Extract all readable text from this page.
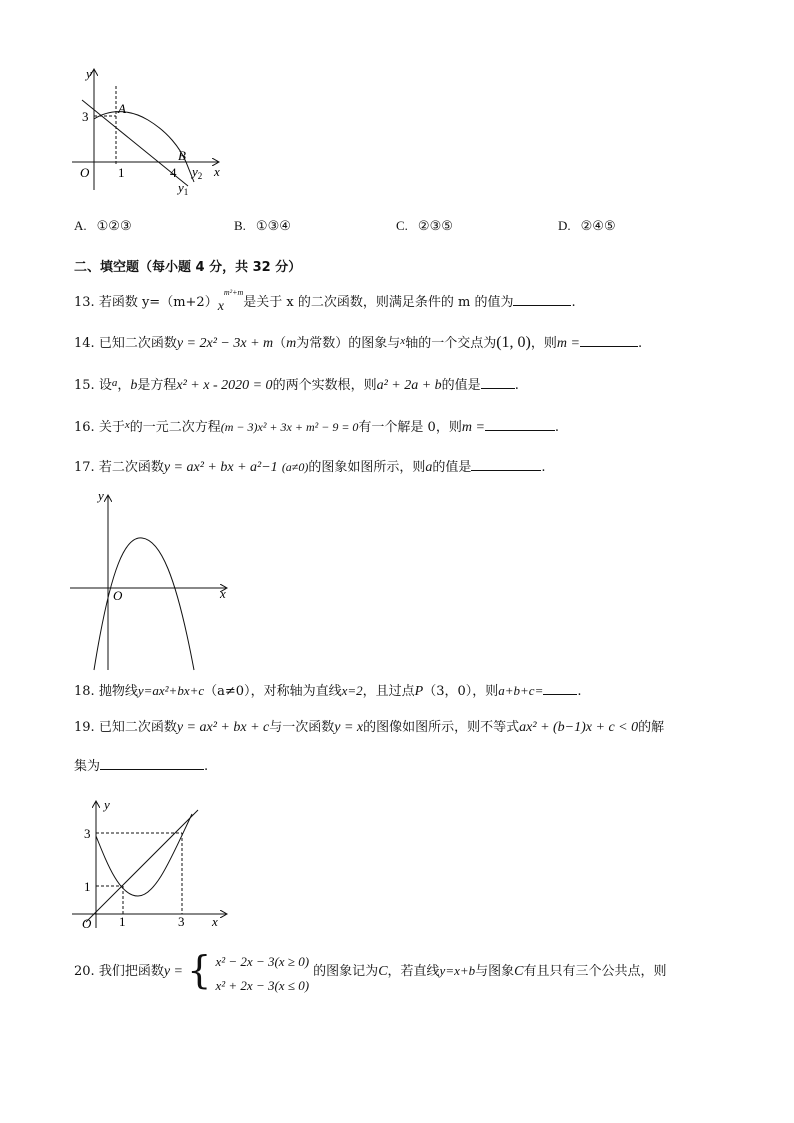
y
x
O
3
1	4
A
B
$y_2$
$y_1$
A. ①②③	B. ①③④	C. ②③⑤	D. ②④⑤
二、填空题（每小题 4 分，共 32 分）
13. 若函数 $y=(m+2)x^{m^2+m}$是关于 x 的二次函数，则满足条件的 m 的值为	.
14. 已知二次函数y = 2x² − 3x + m（m为常数）的图象与$^x$轴的一个交点为(1, 0)，则m =	.
15. 设$^a$，b是方程x² + x - 2020 = 0的两个实数根，则a² + 2a + b的值是	.
16. 关于$^x$的一元二次方程(m − 3)x² + 3x + m² − 9 = 0有一个解是 0，则m =	.
17. 若二次函数y = ax² + bx + a²−1 (a≠0)的图象如图所示，则a的值是	.
y
x
O
18. 抛物线y=ax²+bx+c（a≠0），对称轴为直线x=2，且过点P（3，0），则a+b+c=	.
19. 已知二次函数y = ax² + bx + c与一次函数y = x的图像如图所示，则不等式ax² + (b−1)x + c < 0的解
集为	.
y
x
O
3
1
1	3
20. 我们把函数y = { x² − 2x − 3(x ≥ 0)
x² + 2x − 3(x ≤ 0)
的图象记为C，若直线y=x+b与图象C有且只有三个公共点，则
